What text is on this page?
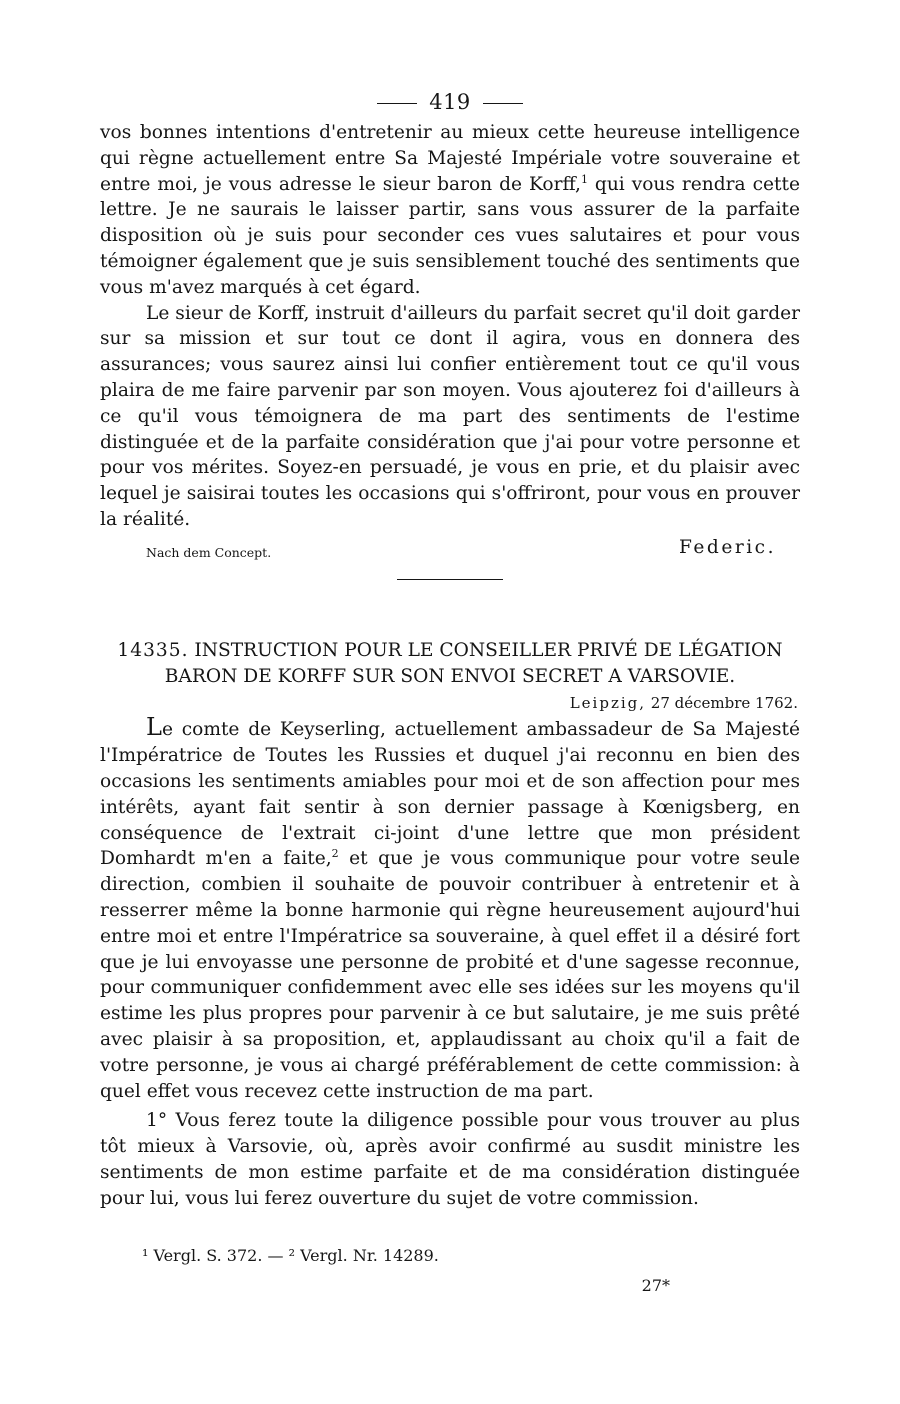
419

vos bonnes intentions d'entretenir au mieux cette heureuse intelligence qui règne actuellement entre Sa Majesté Impériale votre souveraine et entre moi, je vous adresse le sieur baron de Korff,$^1$ qui vous rendra cette lettre. Je ne saurais le laisser partir, sans vous assurer de la parfaite disposition où je suis pour seconder ces vues salutaires et pour vous témoigner également que je suis sensiblement touché des sentiments que vous m'avez marqués à cet égard.

Le sieur de Korff, instruit d'ailleurs du parfait secret qu'il doit garder sur sa mission et sur tout ce dont il agira, vous en donnera des assurances; vous saurez ainsi lui confier entièrement tout ce qu'il vous plaira de me faire parvenir par son moyen. Vous ajouterez foi d'ailleurs à ce qu'il vous témoignera de ma part des sentiments de l'estime distinguée et de la parfaite considération que j'ai pour votre personne et pour vos mérites. Soyez-en persuadé, je vous en prie, et du plaisir avec lequel je saisirai toutes les occasions qui s'offriront, pour vous en prouver la réalité.

Nach dem Concept.	Federic.
14335. INSTRUCTION POUR LE CONSEILLER PRIVÉ DE LÉGATION BARON DE KORFF SUR SON ENVOI SECRET A VARSOVIE.
Leipzig, 27 décembre 1762.

Le comte de Keyserling, actuellement ambassadeur de Sa Majesté l'Impératrice de Toutes les Russies et duquel j'ai reconnu en bien des occasions les sentiments amiables pour moi et de son affection pour mes intérêts, ayant fait sentir à son dernier passage à Kœnigsberg, en conséquence de l'extrait ci-joint d'une lettre que mon président Domhardt m'en a faite,$^2$ et que je vous communique pour votre seule direction, combien il souhaite de pouvoir contribuer à entretenir et à resserrer même la bonne harmonie qui règne heureusement aujourd'hui entre moi et entre l'Impératrice sa souveraine, à quel effet il a désiré fort que je lui envoyasse une personne de probité et d'une sagesse reconnue, pour communiquer confidemment avec elle ses idées sur les moyens qu'il estime les plus propres pour parvenir à ce but salutaire, je me suis prêté avec plaisir à sa proposition, et, applaudissant au choix qu'il a fait de votre personne, je vous ai chargé préférablement de cette commission: à quel effet vous recevez cette instruction de ma part.

1° Vous ferez toute la diligence possible pour vous trouver au plus tôt mieux à Varsovie, où, après avoir confirmé au susdit ministre les sentiments de mon estime parfaite et de ma considération distinguée pour lui, vous lui ferez ouverture du sujet de votre commission.

¹ Vergl. S. 372. — ² Vergl. Nr. 14289.
27*
